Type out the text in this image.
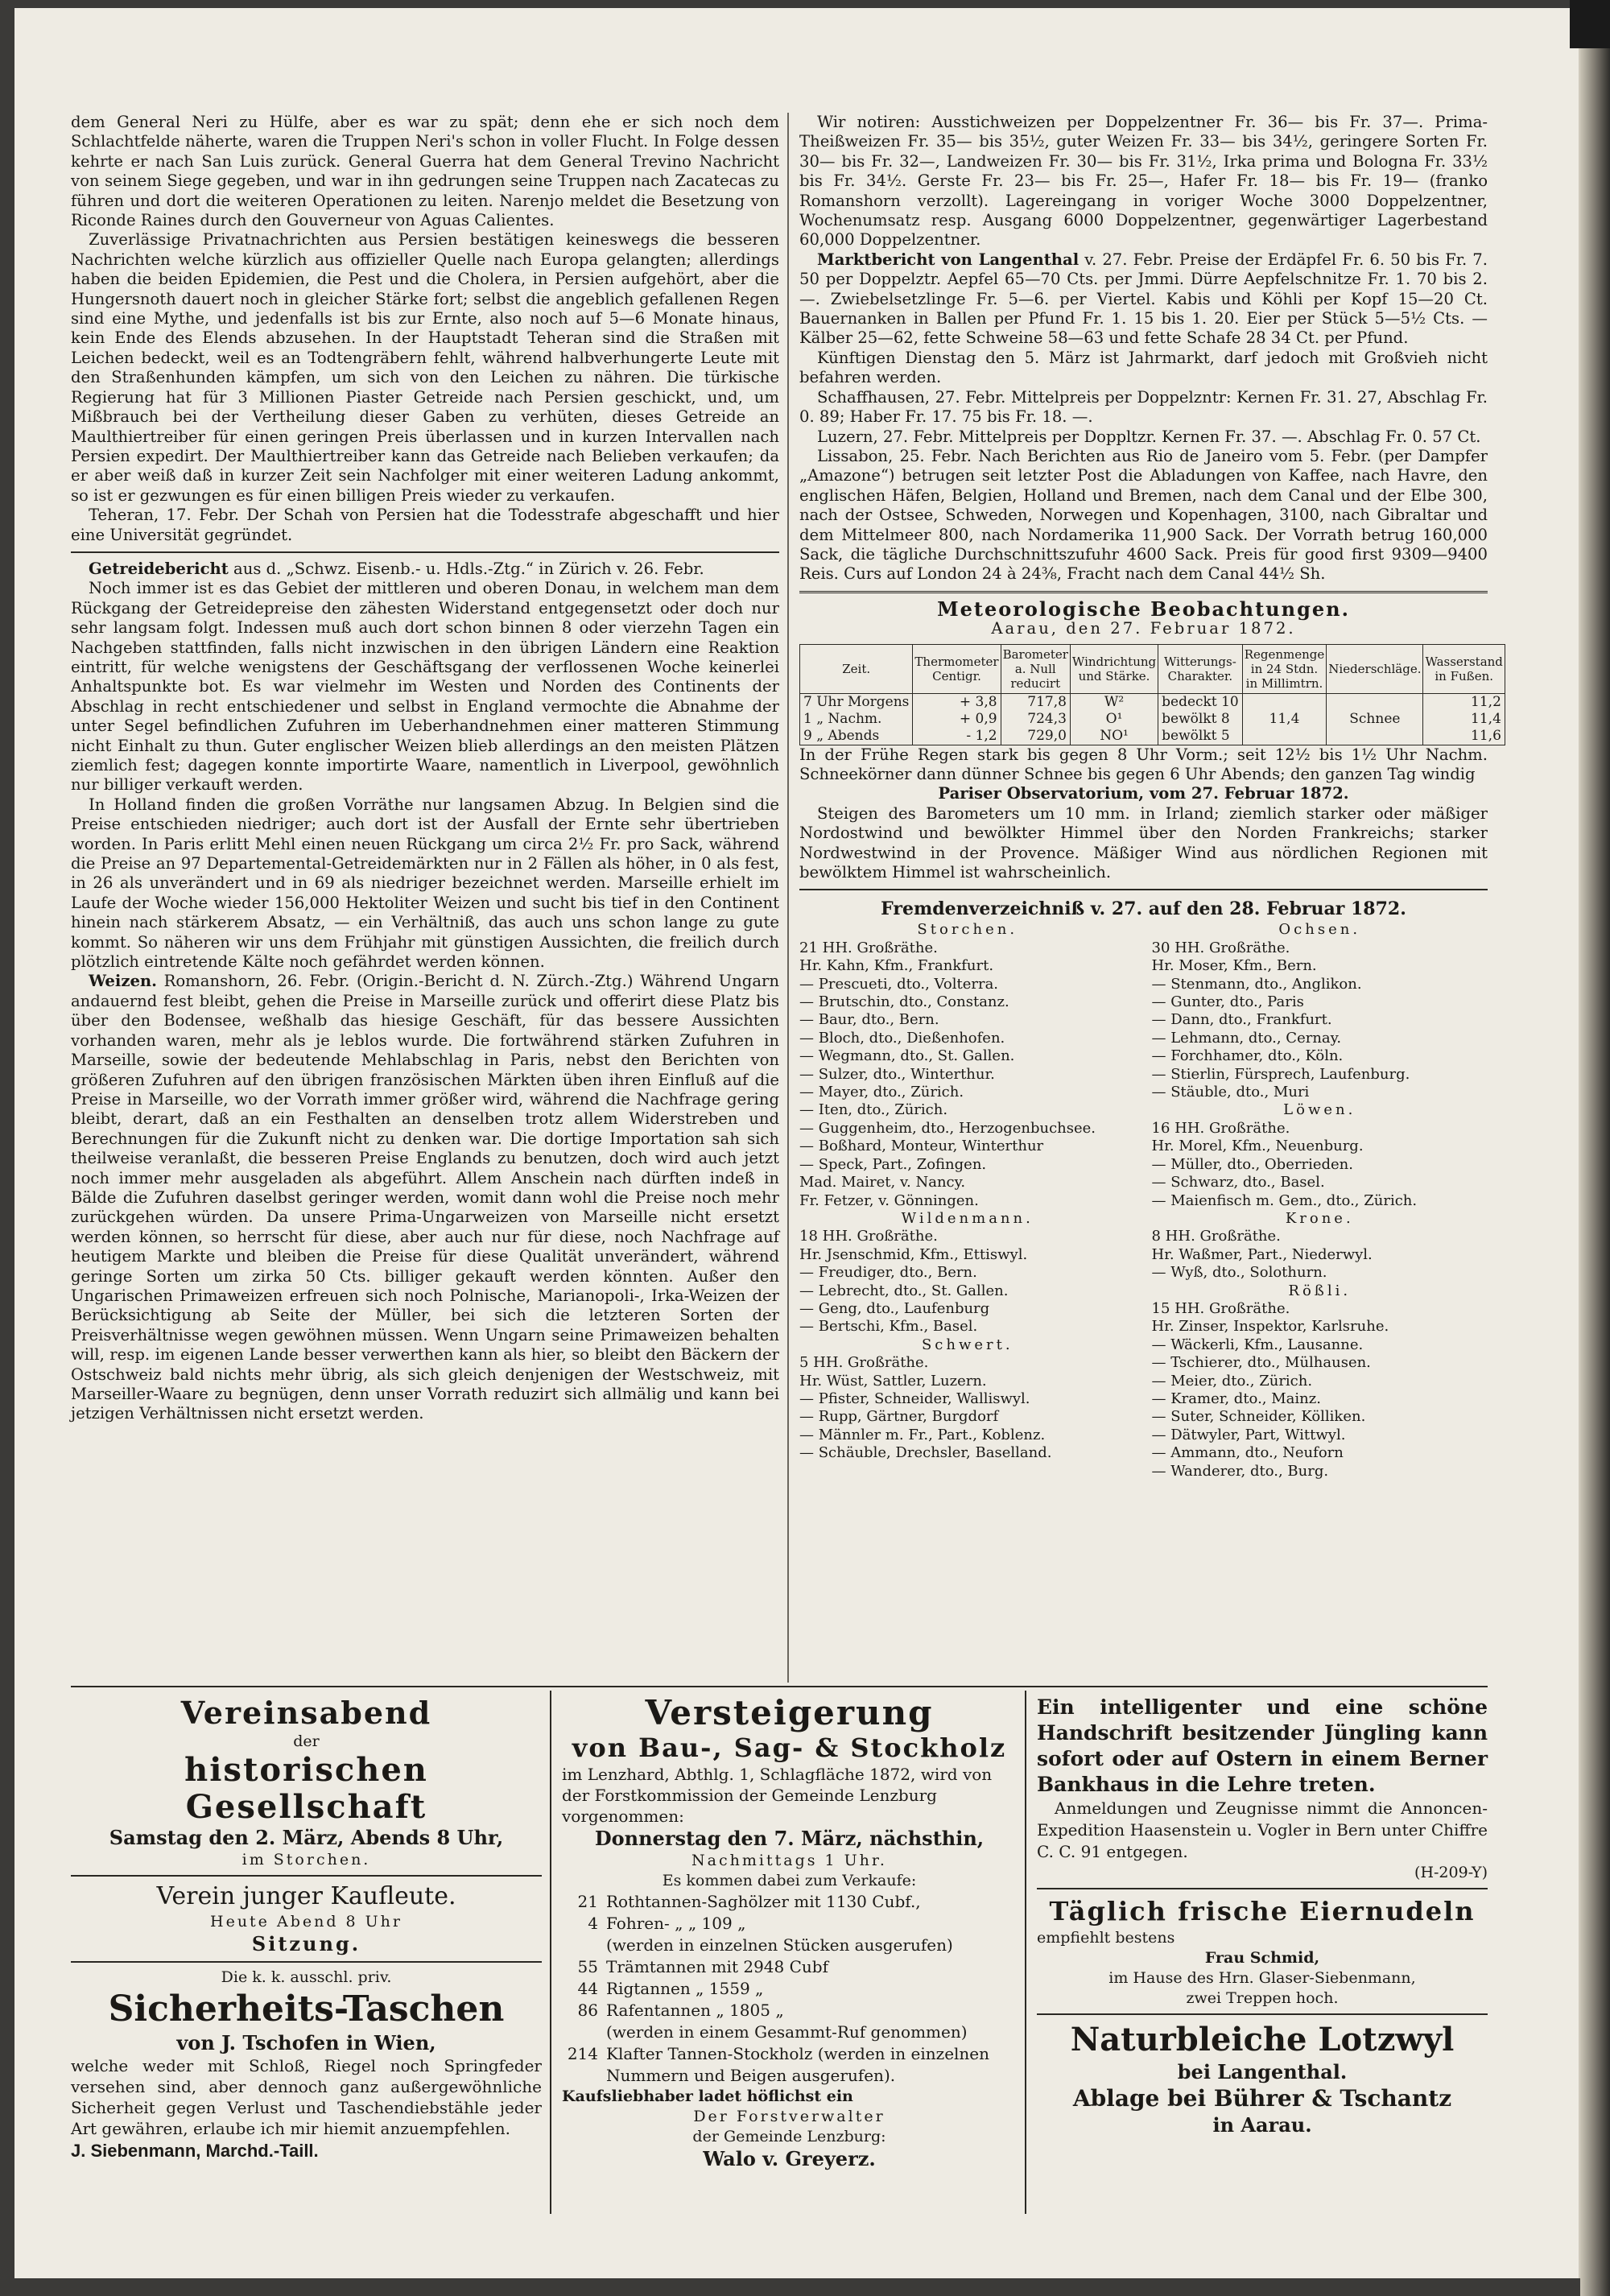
dem General Neri zu Hülfe, aber es war zu spät; denn ehe er sich noch dem Schlachtfelde näherte, waren die Truppen Neri's schon in voller Flucht. In Folge dessen kehrte er nach San Luis zurück. General Guerra hat dem General Trevino Nachricht von seinem Siege gegeben, und war in ihn gedrungen seine Truppen nach Zacatecas zu führen und dort die weiteren Operationen zu leiten. Narenjo meldet die Besetzung von Riconde Raines durch den Gouverneur von Aguas Calientes.

Zuverlässige Privatnachrichten aus Persien bestätigen keineswegs die besseren Nachrichten welche kürzlich aus offizieller Quelle nach Europa gelangten; allerdings haben die beiden Epidemien, die Pest und die Cholera, in Persien aufgehört, aber die Hungersnoth dauert noch in gleicher Stärke fort; selbst die angeblich gefallenen Regen sind eine Mythe, und jedenfalls ist bis zur Ernte, also noch auf 5—6 Monate hinaus, kein Ende des Elends abzusehen. In der Hauptstadt Teheran sind die Straßen mit Leichen bedeckt, weil es an Todtengräbern fehlt, während halbverhungerte Leute mit den Straßenhunden kämpfen, um sich von den Leichen zu nähren. Die türkische Regierung hat für 3 Millionen Piaster Getreide nach Persien geschickt, und, um Mißbrauch bei der Vertheilung dieser Gaben zu verhüten, dieses Getreide an Maulthiertreiber für einen geringen Preis überlassen und in kurzen Intervallen nach Persien expedirt. Der Maulthiertreiber kann das Getreide nach Belieben verkaufen; da er aber weiß daß in kurzer Zeit sein Nachfolger mit einer weiteren Ladung ankommt, so ist er gezwungen es für einen billigen Preis wieder zu verkaufen.

Teheran, 17. Febr. Der Schah von Persien hat die Todesstrafe abgeschafft und hier eine Universität gegründet.

Getreidebericht aus d. „Schwz. Eisenb.- u. Hdls.-Ztg.“ in Zürich v. 26. Febr.

Noch immer ist es das Gebiet der mittleren und oberen Donau, in welchem man dem Rückgang der Getreidepreise den zähesten Widerstand entgegensetzt oder doch nur sehr langsam folgt. Indessen muß auch dort schon binnen 8 oder vierzehn Tagen ein Nachgeben stattfinden, falls nicht inzwischen in den übrigen Ländern eine Reaktion eintritt, für welche wenigstens der Geschäftsgang der verflossenen Woche keinerlei Anhaltspunkte bot. Es war vielmehr im Westen und Norden des Continents der Abschlag in recht entschiedener und selbst in England vermochte die Abnahme der unter Segel befindlichen Zufuhren im Ueberhandnehmen einer matteren Stimmung nicht Einhalt zu thun. Guter englischer Weizen blieb allerdings an den meisten Plätzen ziemlich fest; dagegen konnte importirte Waare, namentlich in Liverpool, gewöhnlich nur billiger verkauft werden.

In Holland finden die großen Vorräthe nur langsamen Abzug. In Belgien sind die Preise entschieden niedriger; auch dort ist der Ausfall der Ernte sehr übertrieben worden. In Paris erlitt Mehl einen neuen Rückgang um circa 2½ Fr. pro Sack, während die Preise an 97 Departemental-Getreidemärkten nur in 2 Fällen als höher, in 0 als fest, in 26 als unverändert und in 69 als niedriger bezeichnet werden. Marseille erhielt im Laufe der Woche wieder 156,000 Hektoliter Weizen und sucht bis tief in den Continent hinein nach stärkerem Absatz, — ein Verhältniß, das auch uns schon lange zu gute kommt. So näheren wir uns dem Frühjahr mit günstigen Aussichten, die freilich durch plötzlich eintretende Kälte noch gefährdet werden können.

Weizen. Romanshorn, 26. Febr. (Origin.-Bericht d. N. Zürch.-Ztg.) Während Ungarn andauernd fest bleibt, gehen die Preise in Marseille zurück und offerirt diese Platz bis über den Bodensee, weßhalb das hiesige Geschäft, für das bessere Aussichten vorhanden waren, mehr als je leblos wurde. Die fortwährend stärken Zufuhren in Marseille, sowie der bedeutende Mehlabschlag in Paris, nebst den Berichten von größeren Zufuhren auf den übrigen französischen Märkten üben ihren Einfluß auf die Preise in Marseille, wo der Vorrath immer größer wird, während die Nachfrage gering bleibt, derart, daß an ein Festhalten an denselben trotz allem Widerstreben und Berechnungen für die Zukunft nicht zu denken war. Die dortige Importation sah sich theilweise veranlaßt, die besseren Preise Englands zu benutzen, doch wird auch jetzt noch immer mehr ausgeladen als abgeführt. Allem Anschein nach dürften indeß in Bälde die Zufuhren daselbst geringer werden, womit dann wohl die Preise noch mehr zurückgehen würden. Da unsere Prima-Ungarweizen von Marseille nicht ersetzt werden können, so herrscht für diese, aber auch nur für diese, noch Nachfrage auf heutigem Markte und bleiben die Preise für diese Qualität unverändert, während geringe Sorten um zirka 50 Cts. billiger gekauft werden könnten. Außer den Ungarischen Primaweizen erfreuen sich noch Polnische, Marianopoli-, Irka-Weizen der Berücksichtigung ab Seite der Müller, bei sich die letzteren Sorten der Preisverhältnisse wegen gewöhnen müssen. Wenn Ungarn seine Primaweizen behalten will, resp. im eigenen Lande besser verwerthen kann als hier, so bleibt den Bäckern der Ostschweiz bald nichts mehr übrig, als sich gleich denjenigen der Westschweiz, mit Marseiller-Waare zu begnügen, denn unser Vorrath reduzirt sich allmälig und kann bei jetzigen Verhältnissen nicht ersetzt werden.

Wir notiren: Ausstichweizen per Doppelzentner Fr. 36— bis Fr. 37—. Prima-Theißweizen Fr. 35— bis 35½, guter Weizen Fr. 33— bis 34½, geringere Sorten Fr. 30— bis Fr. 32—, Landweizen Fr. 30— bis Fr. 31½, Irka prima und Bologna Fr. 33½ bis Fr. 34½. Gerste Fr. 23— bis Fr. 25—, Hafer Fr. 18— bis Fr. 19— (franko Romanshorn verzollt). Lagereingang in voriger Woche 3000 Doppelzentner, Wochenumsatz resp. Ausgang 6000 Doppelzentner, gegenwärtiger Lagerbestand 60,000 Doppelzentner.

Marktbericht von Langenthal v. 27. Febr. Preise der Erdäpfel Fr. 6. 50 bis Fr. 7. 50 per Doppelztr. Aepfel 65—70 Cts. per Jmmi. Dürre Aepfelschnitze Fr. 1. 70 bis 2. —. Zwiebelsetzlinge Fr. 5—6. per Viertel. Kabis und Köhli per Kopf 15—20 Ct. Bauernanken in Ballen per Pfund Fr. 1. 15 bis 1. 20. Eier per Stück 5—5½ Cts. — Kälber 25—62, fette Schweine 58—63 und fette Schafe 28 34 Ct. per Pfund.

Künftigen Dienstag den 5. März ist Jahrmarkt, darf jedoch mit Großvieh nicht befahren werden.

Schaffhausen, 27. Febr. Mittelpreis per Doppelzntr: Kernen Fr. 31. 27, Abschlag Fr. 0. 89; Haber Fr. 17. 75 bis Fr. 18. —.

Luzern, 27. Febr. Mittelpreis per Doppltzr. Kernen Fr. 37. —. Abschlag Fr. 0. 57 Ct.

Lissabon, 25. Febr. Nach Berichten aus Rio de Janeiro vom 5. Febr. (per Dampfer „Amazone“) betrugen seit letzter Post die Abladungen von Kaffee, nach Havre, den englischen Häfen, Belgien, Holland und Bremen, nach dem Canal und der Elbe 300, nach der Ostsee, Schweden, Norwegen und Kopenhagen, 3100, nach Gibraltar und dem Mittelmeer 800, nach Nordamerika 11,900 Sack. Der Vorrath betrug 160,000 Sack, die tägliche Durchschnittszufuhr 4600 Sack. Preis für good first 9309—9400 Reis. Curs auf London 24 à 24⅜, Fracht nach dem Canal 44½ Sh.

Meteorologische Beobachtungen.
Aarau, den 27. Februar 1872.
Zeit.	Thermometer Centigr.	Barometer a. Null reducirt	Windrichtung und Stärke.	Witterungs-Charakter.	Regenmenge in 24 Stdn. in Millimtrn.	Niederschläge.	Wasserstand in Fußen.
7 Uhr Morgens	+ 3,8	717,8	W²	bedeckt 10			11,2
1 „ Nachm.	+ 0,9	724,3	O¹	bewölkt 8	11,4	Schnee	11,4
9 „ Abends	- 1,2	729,0	NO¹	bewölkt 5			11,6

In der Frühe Regen stark bis gegen 8 Uhr Vorm.; seit 12½ bis 1½ Uhr Nachm. Schneekörner dann dünner Schnee bis gegen 6 Uhr Abends; den ganzen Tag windig

Pariser Observatorium, vom 27. Februar 1872.

Steigen des Barometers um 10 mm. in Irland; ziemlich starker oder mäßiger Nordostwind und bewölkter Himmel über den Norden Frankreichs; starker Nordwestwind in der Provence. Mäßiger Wind aus nördlichen Regionen mit bewölktem Himmel ist wahrscheinlich.

Fremdenverzeichniß v. 27. auf den 28. Februar 1872.
Storchen.
21 HH. Großräthe.
Hr. Kahn, Kfm., Frankfurt.
— Prescueti, dto., Volterra.
— Brutschin, dto., Constanz.
— Baur, dto., Bern.
— Bloch, dto., Dießenhofen.
— Wegmann, dto., St. Gallen.
— Sulzer, dto., Winterthur.
— Mayer, dto., Zürich.
— Iten, dto., Zürich.
— Guggenheim, dto., Herzogenbuchsee.
— Boßhard, Monteur, Winterthur
— Speck, Part., Zofingen.
Mad. Mairet, v. Nancy.
Fr. Fetzer, v. Gönningen.
Wildenmann.
18 HH. Großräthe.
Hr. Jsenschmid, Kfm., Ettiswyl.
— Freudiger, dto., Bern.
— Lebrecht, dto., St. Gallen.
— Geng, dto., Laufenburg
— Bertschi, Kfm., Basel.
Schwert.
5 HH. Großräthe.
Hr. Wüst, Sattler, Luzern.
— Pfister, Schneider, Walliswyl.
— Rupp, Gärtner, Burgdorf
— Männler m. Fr., Part., Koblenz.
— Schäuble, Drechsler, Baselland.
Ochsen.
30 HH. Großräthe.
Hr. Moser, Kfm., Bern.
— Stenmann, dto., Anglikon.
— Gunter, dto., Paris
— Dann, dto., Frankfurt.
— Lehmann, dto., Cernay.
— Forchhamer, dto., Köln.
— Stierlin, Fürsprech, Laufenburg.
— Stäuble, dto., Muri
Löwen.
16 HH. Großräthe.
Hr. Morel, Kfm., Neuenburg.
— Müller, dto., Oberrieden.
— Schwarz, dto., Basel.
— Maienfisch m. Gem., dto., Zürich.
Krone.
8 HH. Großräthe.
Hr. Waßmer, Part., Niederwyl.
— Wyß, dto., Solothurn.
Rößli.
15 HH. Großräthe.
Hr. Zinser, Inspektor, Karlsruhe.
— Wäckerli, Kfm., Lausanne.
— Tschierer, dto., Mülhausen.
— Meier, dto., Zürich.
— Kramer, dto., Mainz.
— Suter, Schneider, Kölliken.
— Dätwyler, Part, Wittwyl.
— Ammann, dto., Neuforn
— Wanderer, dto., Burg.
Vereinsabend
der
historischen Gesellschaft
Samstag den 2. März, Abends 8 Uhr,
im Storchen.
Verein junger Kaufleute.
Heute Abend 8 Uhr
Sitzung.
Die k. k. ausschl. priv.
Sicherheits-Taschen
von J. Tschofen in Wien,
welche weder mit Schloß, Riegel noch Springfeder versehen sind, aber dennoch ganz außergewöhnliche Sicherheit gegen Verlust und Taschendiebstähle jeder Art gewähren, erlaube ich mir hiemit anzuempfehlen.
J. Siebenmann, Marchd.-Taill.
Versteigerung
von Bau-, Sag- & Stockholz
im Lenzhard, Abthlg. 1, Schlagfläche 1872, wird von der Forstkommission der Gemeinde Lenzburg vorgenommen:
Donnerstag den 7. März, nächsthin,
Nachmittags 1 Uhr.
Es kommen dabei zum Verkaufe:
21 Rothtannen-Saghölzer mit 1130 Cubf.,
4 Fohren- „ „ 109 „
(werden in einzelnen Stücken ausgerufen)
55 Trämtannen mit 2948 Cubf
44 Rigtannen „ 1559 „
86 Rafentannen „ 1805 „
(werden in einem Gesammt-Ruf genommen)
214 Klafter Tannen-Stockholz (werden in einzelnen Nummern und Beigen ausgerufen).
Kaufsliebhaber ladet höflichst ein
Der Forstverwalter
der Gemeinde Lenzburg:
Walo v. Greyerz.
Ein intelligenter und eine schöne Handschrift besitzender Jüngling kann sofort oder auf Ostern in einem Berner Bankhaus in die Lehre treten.
Anmeldungen und Zeugnisse nimmt die Annoncen-Expedition Haasenstein u. Vogler in Bern unter Chiffre C. C. 91 entgegen.
(H-209-Y)
Täglich frische Eiernudeln
empfiehlt bestens
Frau Schmid,
im Hause des Hrn. Glaser-Siebenmann,
zwei Treppen hoch.
Naturbleiche Lotzwyl
bei Langenthal.
Ablage bei Bührer & Tschantz
in Aarau.
